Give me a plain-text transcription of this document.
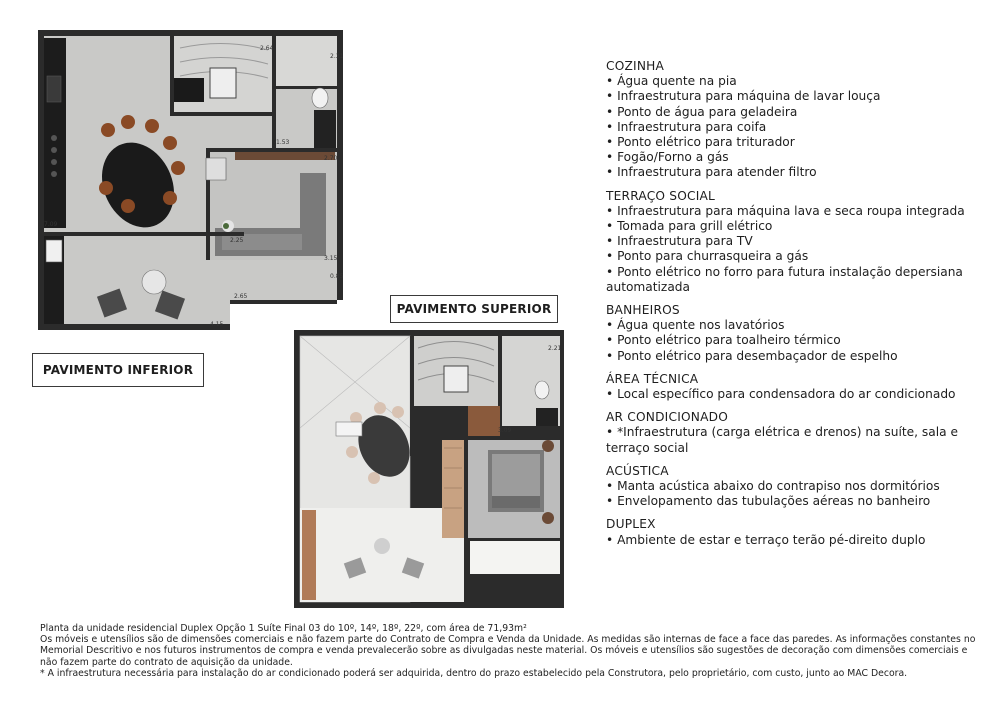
2.64
2.31
1.53
2.70
7.09
2.25
3.15
0.85
2.65
4.15
PAVIMENTO INFERIOR
2.21
3.09
PAVIMENTO SUPERIOR
COZINHA
• Água quente na pia
• Infraestrutura para máquina de lavar louça
• Ponto de água para geladeira
• Infraestrutura para coifa
• Ponto elétrico para triturador
• Fogão/Forno a gás
• Infraestrutura para atender filtro
TERRAÇO SOCIAL
• Infraestrutura para máquina lava e seca roupa integrada
• Tomada para grill elétrico
• Infraestrutura para TV
• Ponto para churrasqueira a gás
• Ponto elétrico no forro para futura instalação depersiana automatizada
BANHEIROS
• Água quente nos lavatórios
• Ponto elétrico para toalheiro térmico
• Ponto elétrico para desembaçador de espelho
ÁREA TÉCNICA
• Local específico para condensadora do ar condicionado
AR CONDICIONADO
• *Infraestrutura (carga elétrica e drenos) na suíte, sala e terraço social
ACÚSTICA
• Manta acústica abaixo do contrapiso nos dormitórios
• Envelopamento das tubulações aéreas no banheiro
DUPLEX
• Ambiente de estar e terraço terão pé-direito duplo

Planta da unidade residencial Duplex Opção 1 Suíte Final 03 do 10º, 14º, 18º, 22º, com área de 71,93m²

Os móveis e utensílios são de dimensões comerciais e não fazem parte do Contrato de Compra e Venda da Unidade. As medidas são internas de face a face das paredes. As informações constantes no Memorial Descritivo e nos futuros instrumentos de compra e venda prevalecerão sobre as divulgadas neste material. Os móveis e utensílios são sugestões de decoração com dimensões comerciais e não fazem parte do contrato de aquisição da unidade.

* A infraestrutura necessária para instalação do ar condicionado poderá ser adquirida, dentro do prazo estabelecido pela Construtora, pelo proprietário, com custo, junto ao MAC Decora.
